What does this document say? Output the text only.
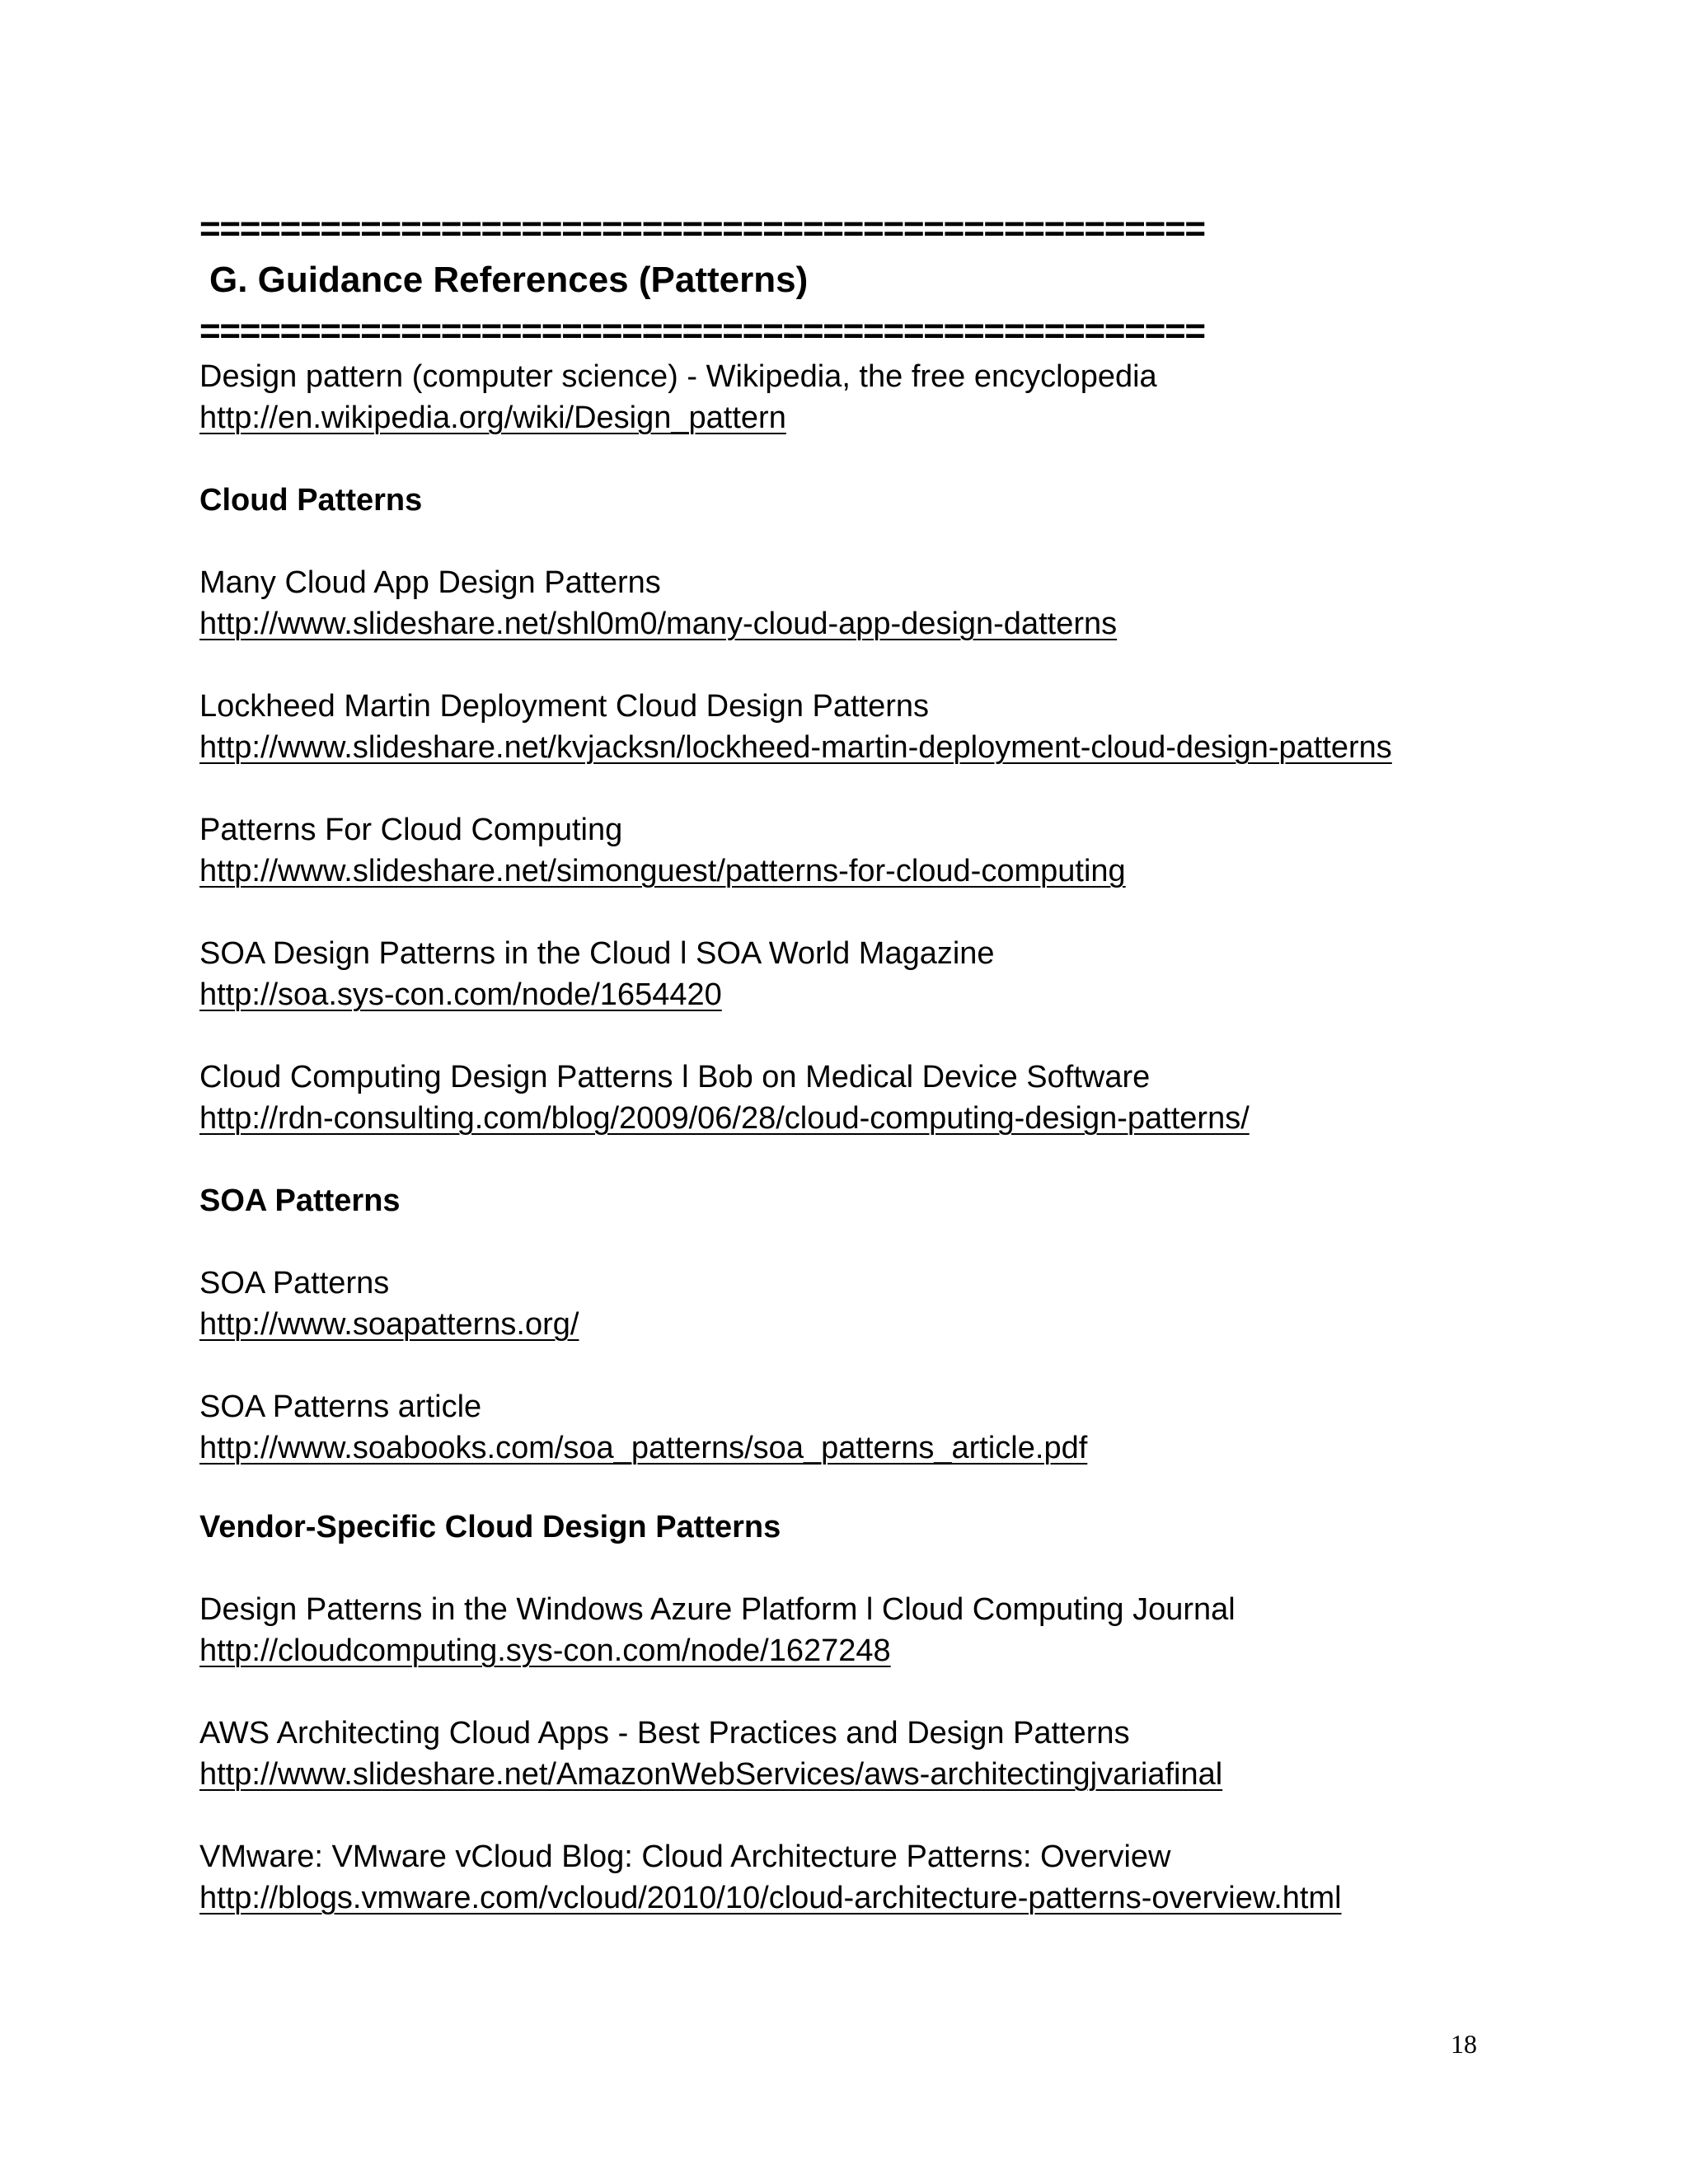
==================================================
G. Guidance References (Patterns)
==================================================
Design pattern (computer science) - Wikipedia, the free encyclopedia
http://en.wikipedia.org/wiki/Design_pattern
Cloud Patterns
Many Cloud App Design Patterns
http://www.slideshare.net/shl0m0/many-cloud-app-design-datterns
Lockheed Martin Deployment Cloud Design Patterns
http://www.slideshare.net/kvjacksn/lockheed-martin-deployment-cloud-design-patterns
Patterns For Cloud Computing
http://www.slideshare.net/simonguest/patterns-for-cloud-computing
SOA Design Patterns in the Cloud l SOA World Magazine
http://soa.sys-con.com/node/1654420
Cloud Computing Design Patterns l Bob on Medical Device Software
http://rdn-consulting.com/blog/2009/06/28/cloud-computing-design-patterns/
SOA Patterns
SOA Patterns
http://www.soapatterns.org/
SOA Patterns article
http://www.soabooks.com/soa_patterns/soa_patterns_article.pdf
Vendor-Specific Cloud Design Patterns
Design Patterns in the Windows Azure Platform l Cloud Computing Journal
http://cloudcomputing.sys-con.com/node/1627248
AWS Architecting Cloud Apps - Best Practices and Design Patterns
http://www.slideshare.net/AmazonWebServices/aws-architectingjvariafinal
VMware: VMware vCloud Blog: Cloud Architecture Patterns: Overview
http://blogs.vmware.com/vcloud/2010/10/cloud-architecture-patterns-overview.html
18
